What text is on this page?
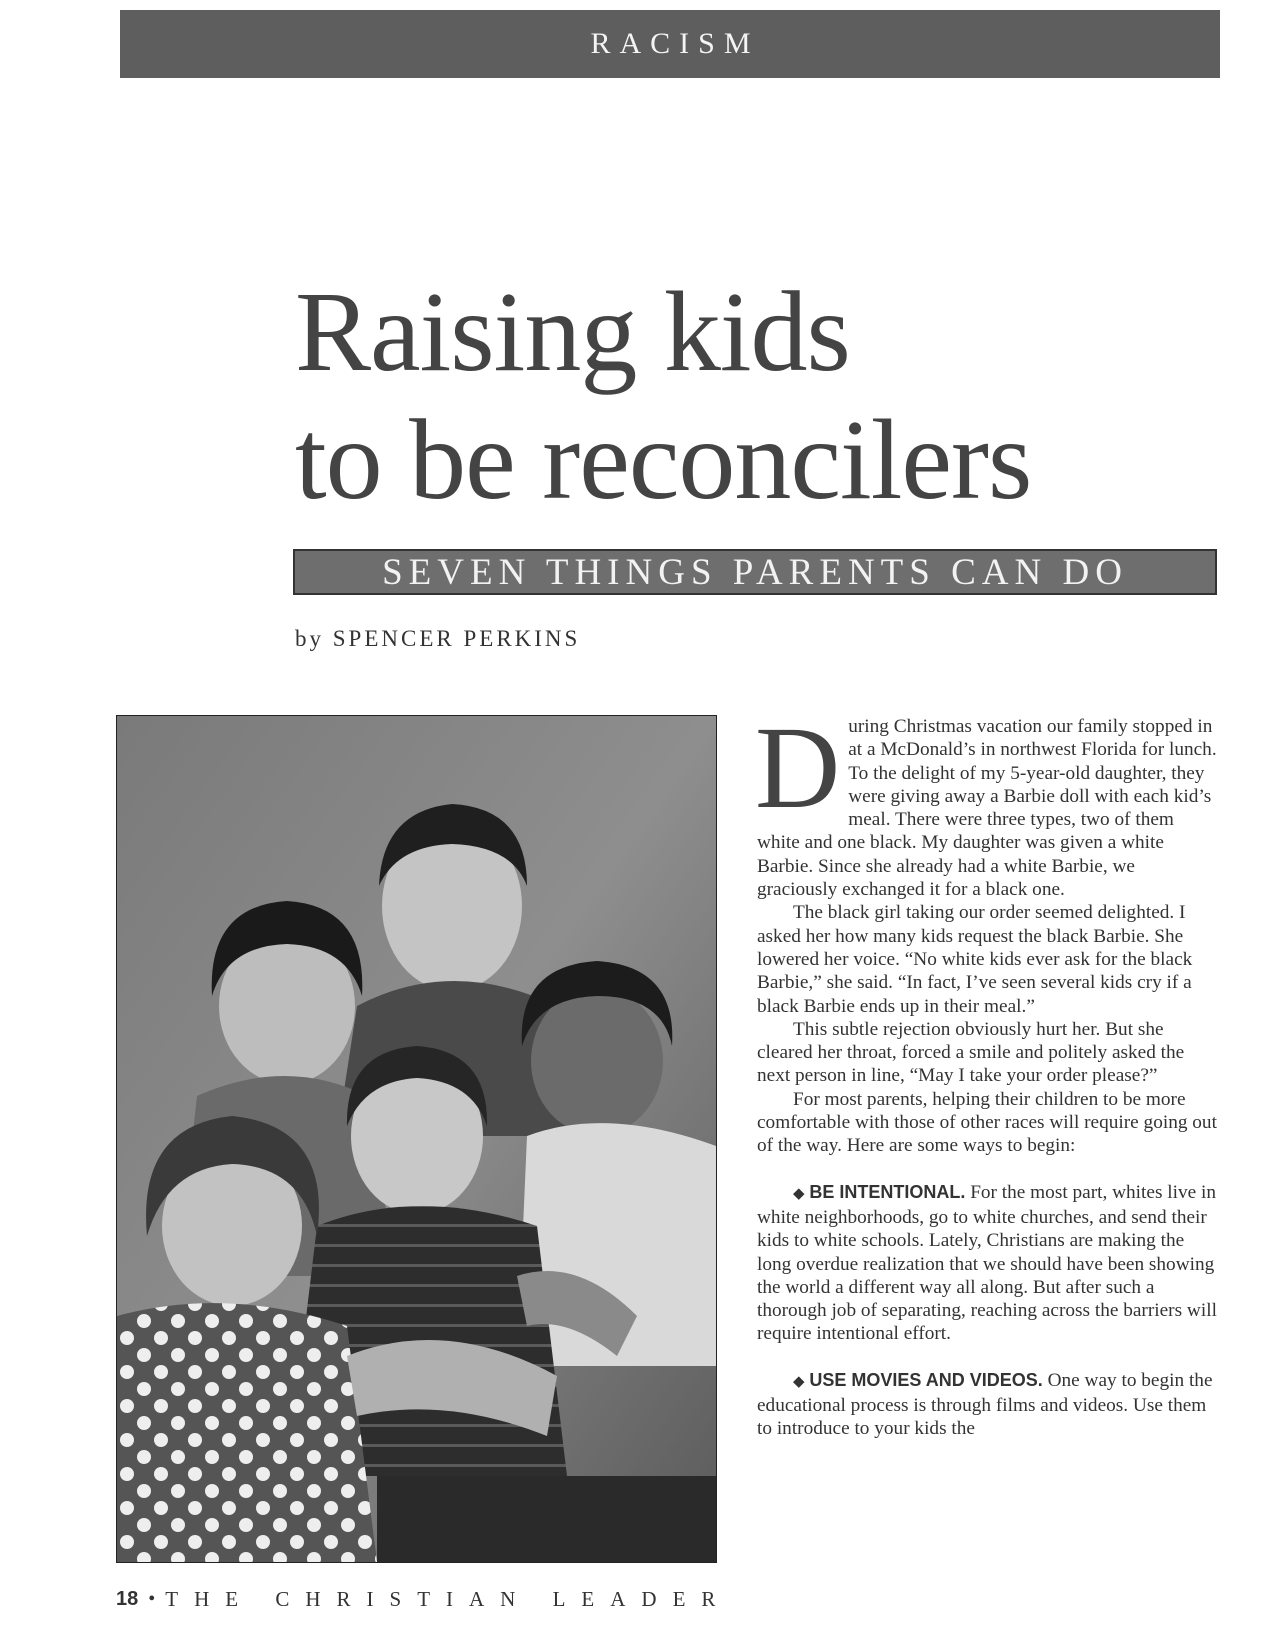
RACISM
Raising kids
to be reconcilers
SEVEN THINGS PARENTS CAN DO
by SPENCER PERKINS

During Christmas vacation our family stopped in at a McDonald’s in northwest Florida for lunch. To the delight of my 5-year-old daughter, they were giving away a Barbie doll with each kid’s meal. There were three types, two of them white and one black. My daughter was given a white Barbie. Since she already had a white Barbie, we graciously exchanged it for a black one.

The black girl taking our order seemed delighted. I asked her how many kids request the black Barbie. She lowered her voice. “No white kids ever ask for the black Barbie,” she said. “In fact, I’ve seen several kids cry if a black Barbie ends up in their meal.”

This subtle rejection obviously hurt her. But she cleared her throat, forced a smile and politely asked the next person in line, “May I take your order please?”

For most parents, helping their children to be more comfortable with those of other races will require going out of the way. Here are some ways to begin:

◆ BE INTENTIONAL. For the most part, whites live in white neighborhoods, go to white churches, and send their kids to white schools. Lately, Christians are making the long overdue realization that we should have been showing the world a different way all along. But after such a thorough job of separating, reaching across the barriers will require intentional effort.

◆ USE MOVIES AND VIDEOS. One way to begin the educational process is through films and videos. Use them to introduce to your kids the

18 • THE CHRISTIAN LEADER
